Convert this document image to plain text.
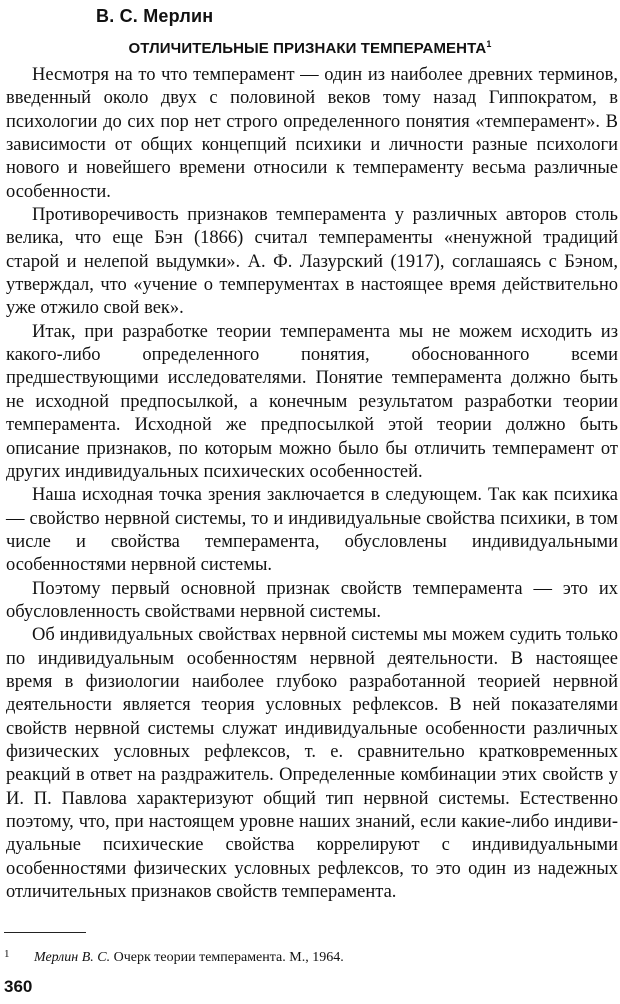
В. С. Мерлин
ОТЛИЧИТЕЛЬНЫЕ ПРИЗНАКИ ТЕМПЕРАМЕНТА$^1$

Несмотря на то что темперамент — один из наиболее древних терминов, введенный около двух с половиной веков тому назад Гиппократом, в психологии до сих пор нет строго определенного понятия «темперамент». В зависимости от общих концепций психики и личности разные психологи нового и новейшего времени относили к темпераменту весьма различные особенности.

Противоречивость признаков темперамента у различных авторов столь велика, что еще Бэн (1866) считал темпераменты «ненужной традиций старой и нелепой выдумки». А. Ф. Лазурский (1917), соглашаясь с Бэном, утверждал, что «учение о темперументах в настоящее время действительно уже отжило свой век».

Итак, при разработке теории темперамента мы не можем исходить из какого-либо определенного понятия, обоснованного всеми предшествующими исследователями. Понятие темперамента должно быть не исходной предпосылкой, а конечным результатом разработки теории темперамента. Исходной же предпосылкой этой теории должно быть описание признаков, по которым можно было бы отличить темперамент от других индивидуальных психических особенностей.

Наша исходная точка зрения заключается в следующем. Так как психика — свойство нервной системы, то и индивидуальные свойства психики, в том числе и свойства темперамента, обусловлены индивидуальными особенностями нервной системы.

Поэтому первый основной признак свойств темперамента — это их обусловленность свойствами нервной системы.

Об индивидуальных свойствах нервной системы мы можем судить только по индивидуальным особенностям нервной деятельности. В настоящее время в физиологии наиболее глубоко разработанной теорией нервной деятельности является теория условных рефлексов. В ней показателями свойств нервной системы служат индивидуальные особенности различных физических условных рефлексов, т. е. сравнительно кратковременных реакций в ответ на раздражитель. Определенные комбинации этих свойств у И. П. Павлова характеризуют общий тип нервной системы. Естественно поэтому, что, при настоящем уровне наших знаний, если какие-либо индивидуальные психические свойства коррелируют с индивидуальными особенностями физических условных рефлексов, то это один из надежных отличительных признаков свойств темперамента.

1 Мерлин В. С. Очерк теории темперамента. М., 1964.
360
